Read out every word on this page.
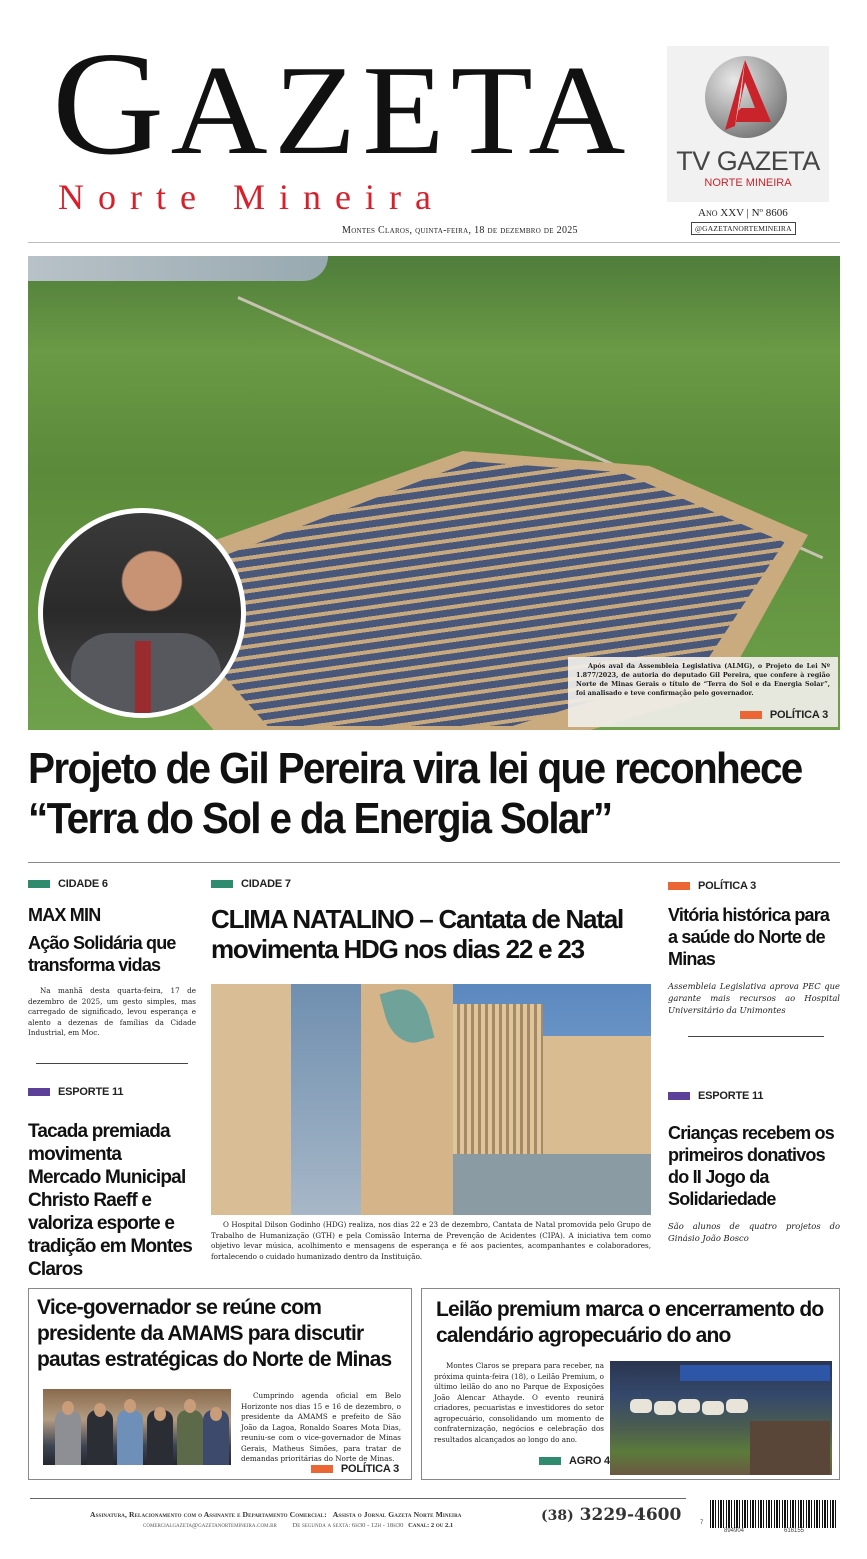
GAZETA
Norte Mineira
Montes Claros, quinta-feira, 18 de dezembro de 2025
TV GAZETA
NORTE MINEIRA
Ano XXV | Nº 8606
@GAZETANORTEMINEIRA

Após aval da Assembleia Legislativa (ALMG), o Projeto de Lei Nº 1.877/2023, de autoria do deputado Gil Pereira, que confere à região Norte de Minas Gerais o título de “Terra do Sol e da Energia Solar”, foi analisado e teve confirmação pelo governador.

POLÍTICA 3
Projeto de Gil Pereira vira lei que reconhece
“Terra do Sol e da Energia Solar”
CIDADE 6
MAX MIN
Ação Solidária que transforma vidas

Na manhã desta quarta-feira, 17 de dezembro de 2025, um gesto simples, mas carregado de significado, levou esperança e alento a dezenas de famílias da Cidade Industrial, em Moc.

ESPORTE 11
Tacada premiada movimenta Mercado Municipal Christo Raeff e valoriza esporte e tradição em Montes Claros
CIDADE 7
CLIMA NATALINO – Cantata de Natal movimenta HDG nos dias 22 e 23

O Hospital Dilson Godinho (HDG) realiza, nos dias 22 e 23 de dezembro, Cantata de Natal promovida pelo Grupo de Trabalho de Humanização (GTH) e pela Comissão Interna de Prevenção de Acidentes (CIPA). A iniciativa tem como objetivo levar música, acolhimento e mensagens de esperança e fé aos pacientes, acompanhantes e colaboradores, fortalecendo o cuidado humanizado dentro da Instituição.

POLÍTICA 3
Vitória histórica para a saúde do Norte de Minas

Assembleia Legislativa aprova PEC que garante mais recursos ao Hospital Universitário da Unimontes

ESPORTE 11
Crianças recebem os primeiros donativos do II Jogo da Solidariedade

São alunos de quatro projetos do Ginásio João Bosco

Vice-governador se reúne com presidente da AMAMS para discutir pautas estratégicas do Norte de Minas

Cumprindo agenda oficial em Belo Horizonte nos dias 15 e 16 de dezembro, o presidente da AMAMS e prefeito de São João da Lagoa, Ronaldo Soares Mota Dias, reuniu-se com o vice-governador de Minas Gerais, Matheus Simões, para tratar de demandas prioritárias do Norte de Minas.

POLÍTICA 3
Leilão premium marca o encerramento do calendário agropecuário do ano

Montes Claros se prepara para receber, na próxima quinta-feira (18), o Leilão Premium, o último leilão do ano no Parque de Exposições João Alencar Athayde. O evento reunirá criadores, pecuaristas e investidores do setor agropecuário, consolidando um momento de confraternização, negócios e celebração dos resultados alcançados ao longo do ano.

AGRO 4
Assinatura, Relacionamento com o Assinante e Departamento Comercial: Assista o Jornal Gazeta Norte Mineira
comercialgazeta@gazetanortemineira.com.br De segunda a sexta: 6h30 - 12h - 18h30 Canal: 2 ou 2.1
(38) 3229-4600	7
894904	616155
